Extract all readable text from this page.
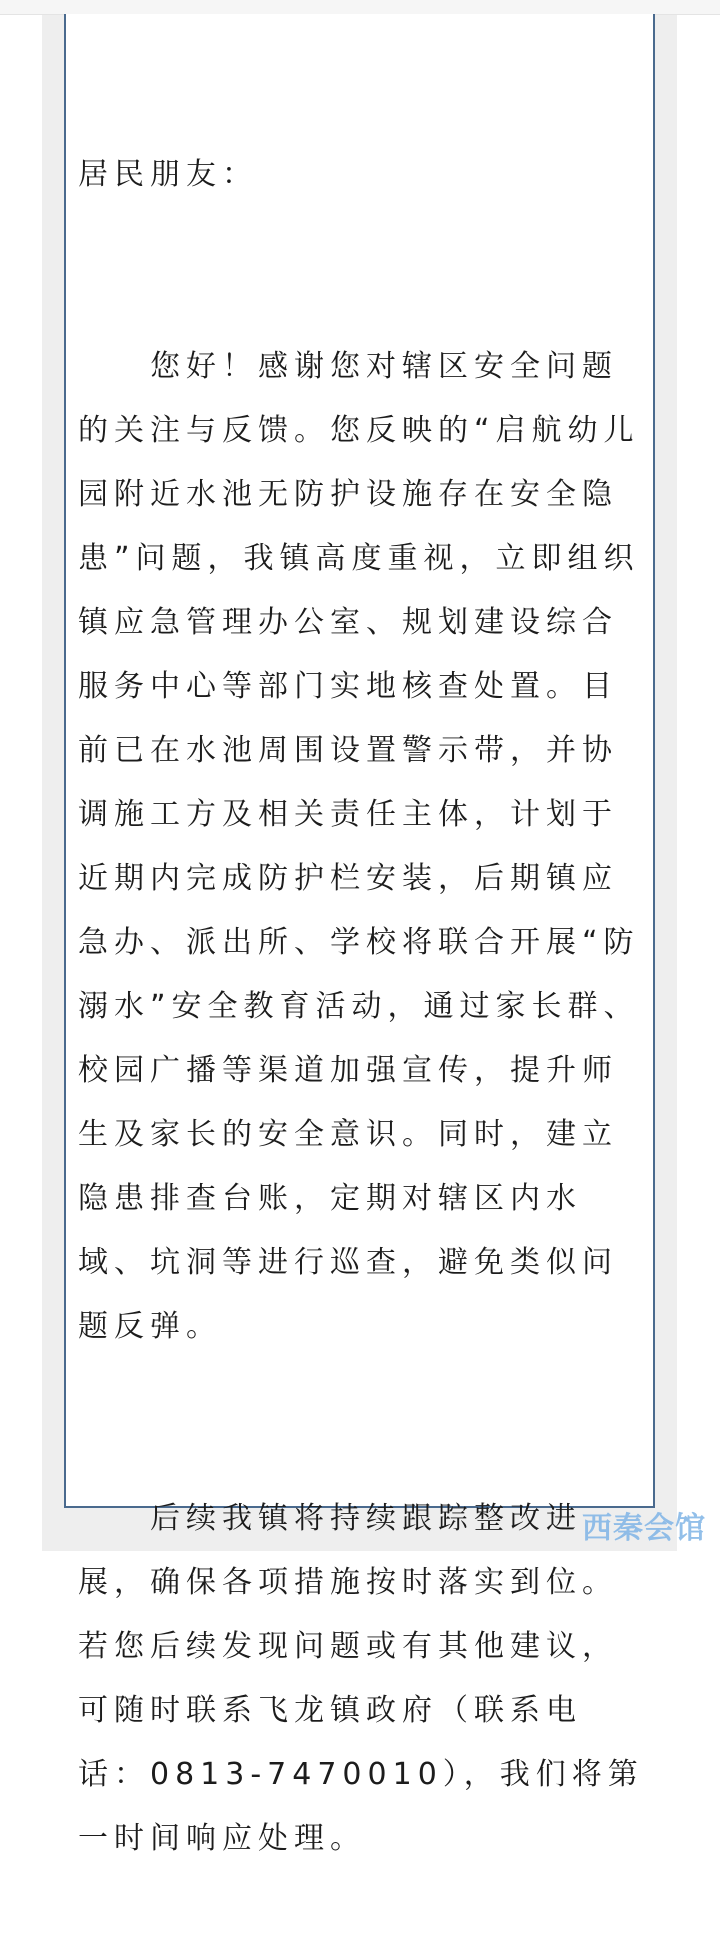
居民朋友：

　　您好！感谢您对辖区安全问题的关注与反馈。您反映的“启航幼儿园附近水池无防护设施存在安全隐患”问题，我镇高度重视，立即组织镇应急管理办公室、规划建设综合服务中心等部门实地核查处置。目前已在水池周围设置警示带，并协调施工方及相关责任主体，计划于近期内完成防护栏安装，后期镇应急办、派出所、学校将联合开展“防溺水”安全教育活动，通过家长群、校园广播等渠道加强宣传，提升师生及家长的安全意识。同时，建立隐患排查台账，定期对辖区内水域、坑洞等进行巡查，避免类似问题反弹。

　　后续我镇将持续跟踪整改进展，确保各项措施按时落实到位。若您后续发现问题或有其他建议，可随时联系飞龙镇政府（联系电话：0813-7470010），我们将第一时间响应处理。

西秦会馆
